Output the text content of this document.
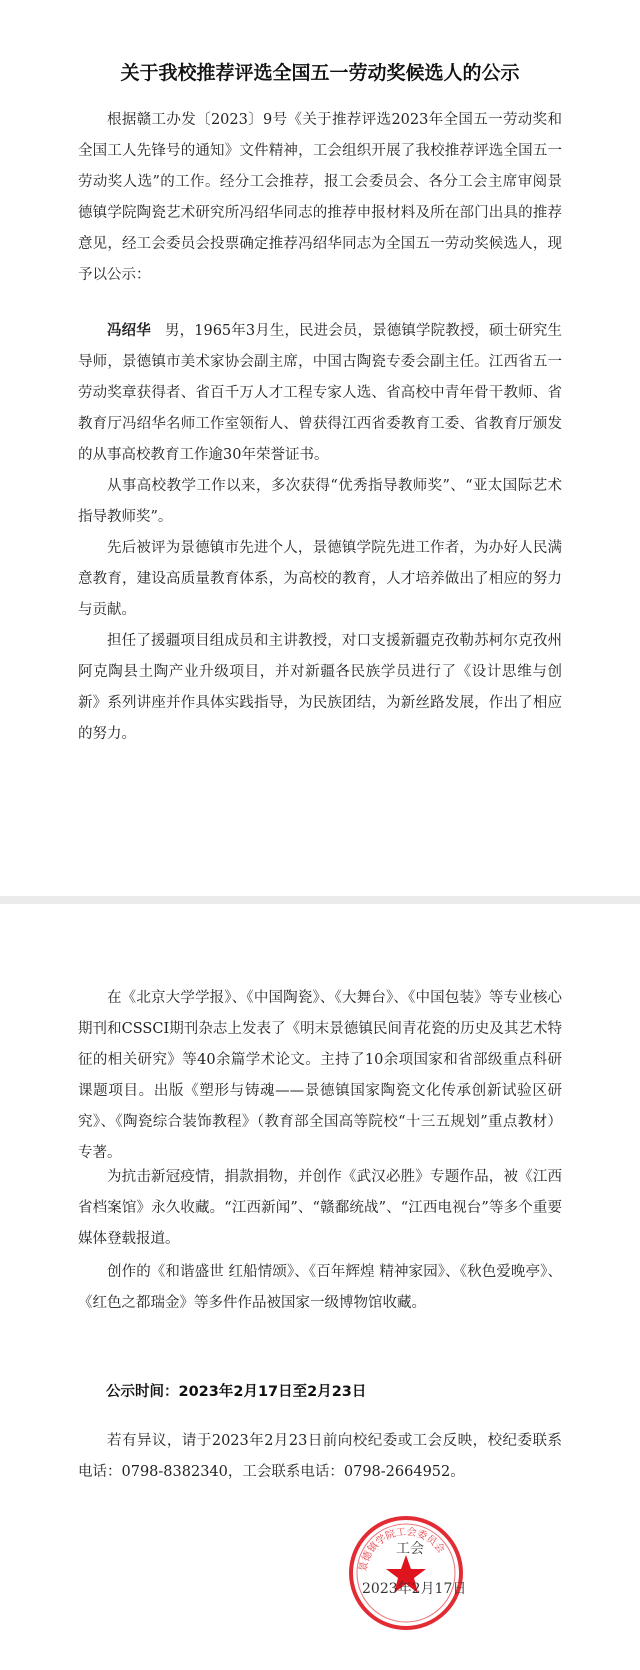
关于我校推荐评选全国五一劳动奖候选人的公示
根据赣工办发〔2023〕9号《关于推荐评选2023年全国五一劳动奖和全国工人先锋号的通知》文件精神，工会组织开展了我校推荐评选全国五一劳动奖人选”的工作。经分工会推荐，报工会委员会、各分工会主席审阅景德镇学院陶瓷艺术研究所冯绍华同志的推荐申报材料及所在部门出具的推荐意见，经工会委员会投票确定推荐冯绍华同志为全国五一劳动奖候选人，现予以公示：
冯绍华 男，1965年3月生，民进会员，景德镇学院教授，硕士研究生导师，景德镇市美术家协会副主席，中国古陶瓷专委会副主任。江西省五一劳动奖章获得者、省百千万人才工程专家人选、省高校中青年骨干教师、省教育厅冯绍华名师工作室领衔人、曾获得江西省委教育工委、省教育厅颁发的从事高校教育工作逾30年荣誉证书。
从事高校教学工作以来，多次获得“优秀指导教师奖”、“亚太国际艺术指导教师奖”。
先后被评为景德镇市先进个人，景德镇学院先进工作者，为办好人民满意教育，建设高质量教育体系，为高校的教育，人才培养做出了相应的努力与贡献。
担任了援疆项目组成员和主讲教授，对口支援新疆克孜勒苏柯尔克孜州阿克陶县土陶产业升级项目，并对新疆各民族学员进行了《设计思维与创新》系列讲座并作具体实践指导，为民族团结，为新丝路发展，作出了相应的努力。
在《北京大学学报》、《中国陶瓷》、《大舞台》、《中国包装》等专业核心期刊和CSSCI期刊杂志上发表了《明末景德镇民间青花瓷的历史及其艺术特征的相关研究》等40余篇学术论文。主持了10余项国家和省部级重点科研课题项目。出版《塑形与铸魂——景德镇国家陶瓷文化传承创新试验区研究》、《陶瓷综合装饰教程》（教育部全国高等院校“十三五规划”重点教材）专著。
为抗击新冠疫情，捐款捐物，并创作《武汉必胜》专题作品，被《江西省档案馆》永久收藏。“江西新闻”、“赣鄱统战”、“江西电视台”等多个重要媒体登载报道。
创作的《和谐盛世 红船情颂》、《百年辉煌 精神家园》、《秋色爱晚亭》、《红色之都瑞金》等多件作品被国家一级博物馆收藏。
公示时间：2023年2月17日至2月23日
若有异议，请于2023年2月23日前向校纪委或工会反映，校纪委联系电话：0798-8382340，工会联系电话：0798-2664952。
景德镇学院工会委员会
工会
2023年2月17日
